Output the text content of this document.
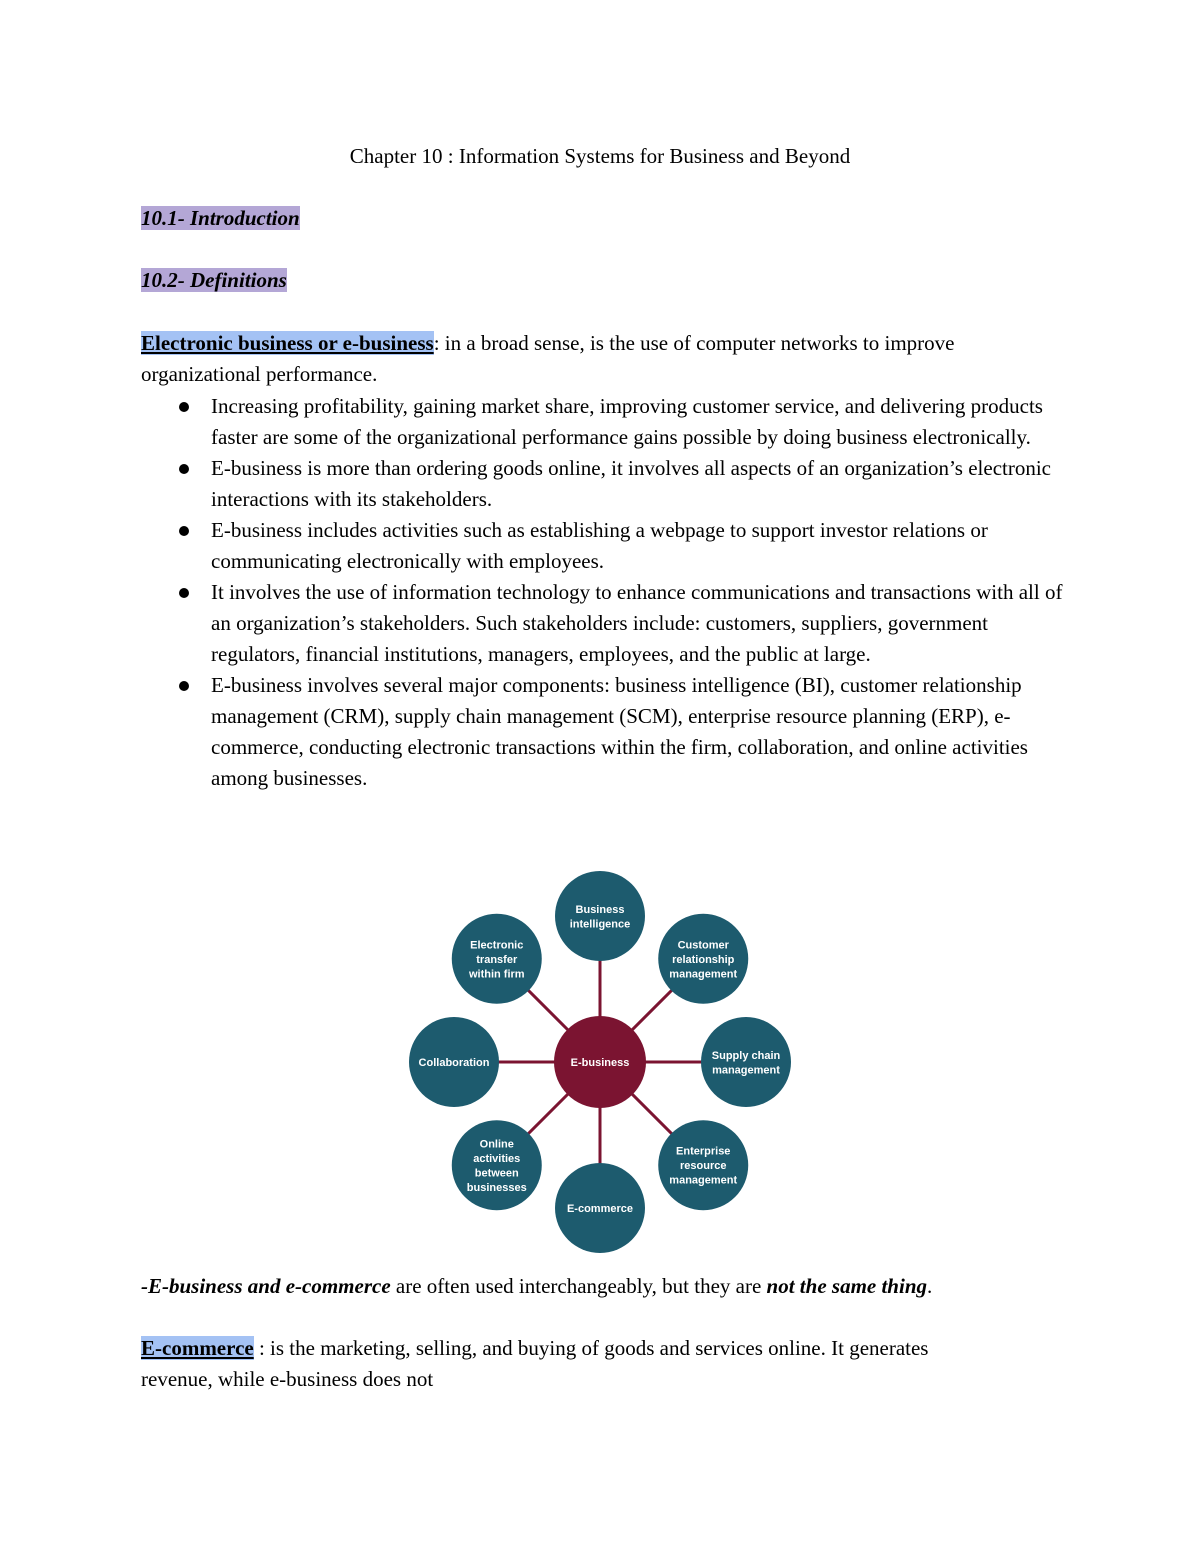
Chapter 10 : Information Systems for Business and Beyond
10.1- Introduction
10.2- Definitions
Electronic business or e-business: in a broad sense, is the use of computer networks to improve
organizational performance.
Increasing profitability, gaining market share, improving customer service, and delivering products faster are some of the organizational performance gains possible by doing business electronically.
E-business is more than ordering goods online, it involves all aspects of an organization’s electronic interactions with its stakeholders.
E-business includes activities such as establishing a webpage to support investor relations or communicating electronically with employees.
It involves the use of information technology to enhance communications and transactions with all of an organization’s stakeholders. Such stakeholders include: customers, suppliers, government regulators, financial institutions, managers, employees, and the public at large.
E-business involves several major components: business intelligence (BI), customer relationship management (CRM), supply chain management (SCM), enterprise resource planning (ERP), e-commerce, conducting electronic transactions within the firm, collaboration, and online activities among businesses.
Business intelligence
Customer relationship management
Supply chain management
Enterprise resource management
E-commerce
Online activities between businesses
Collaboration
Electronic transfer within firm
E-business
-E-business and e-commerce are often used interchangeably, but they are not the same thing.
E-commerce : is the marketing, selling, and buying of goods and services online. It generates
revenue, while e-business does not
